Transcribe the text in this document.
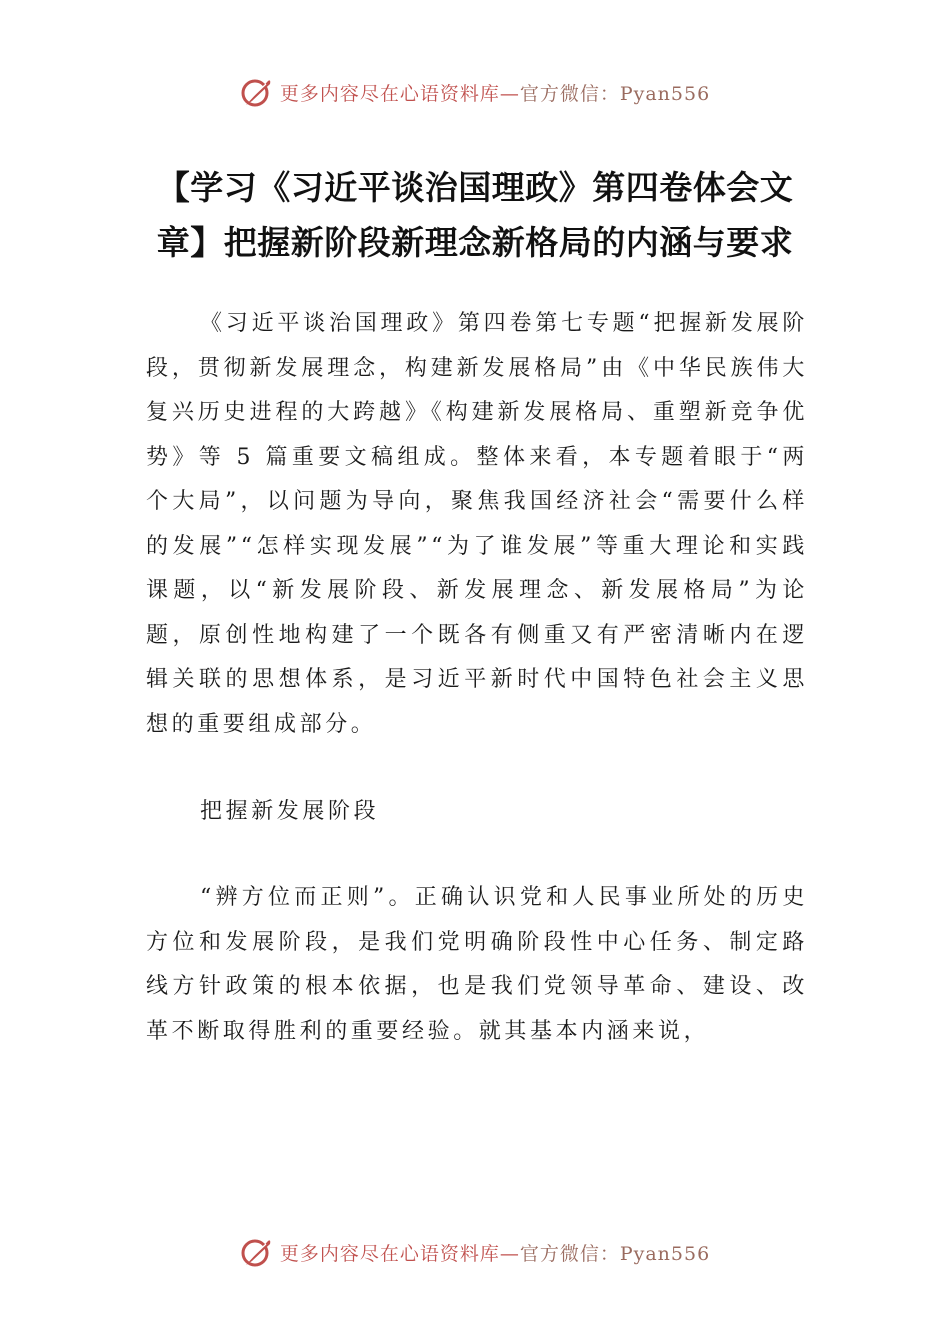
更多内容尽在心语资料库—官方微信：Pyan556
【学习《习近平谈治国理政》第四卷体会文章】把握新阶段新理念新格局的内涵与要求

《习近平谈治国理政》第四卷第七专题“把握新发展阶段，贯彻新发展理念，构建新发展格局”由《中华民族伟大复兴历史进程的大跨越》《构建新发展格局、重塑新竞争优势》等 5 篇重要文稿组成。整体来看，本专题着眼于“两个大局”，以问题为导向，聚焦我国经济社会“需要什么样的发展”“怎样实现发展”“为了谁发展”等重大理论和实践课题，以“新发展阶段、新发展理念、新发展格局”为论题，原创性地构建了一个既各有侧重又有严密清晰内在逻辑关联的思想体系，是习近平新时代中国特色社会主义思想的重要组成部分。

把握新发展阶段

“辨方位而正则”。正确认识党和人民事业所处的历史方位和发展阶段，是我们党明确阶段性中心任务、制定路线方针政策的根本依据，也是我们党领导革命、建设、改革不断取得胜利的重要经验。就其基本内涵来说，

更多内容尽在心语资料库—官方微信：Pyan556
